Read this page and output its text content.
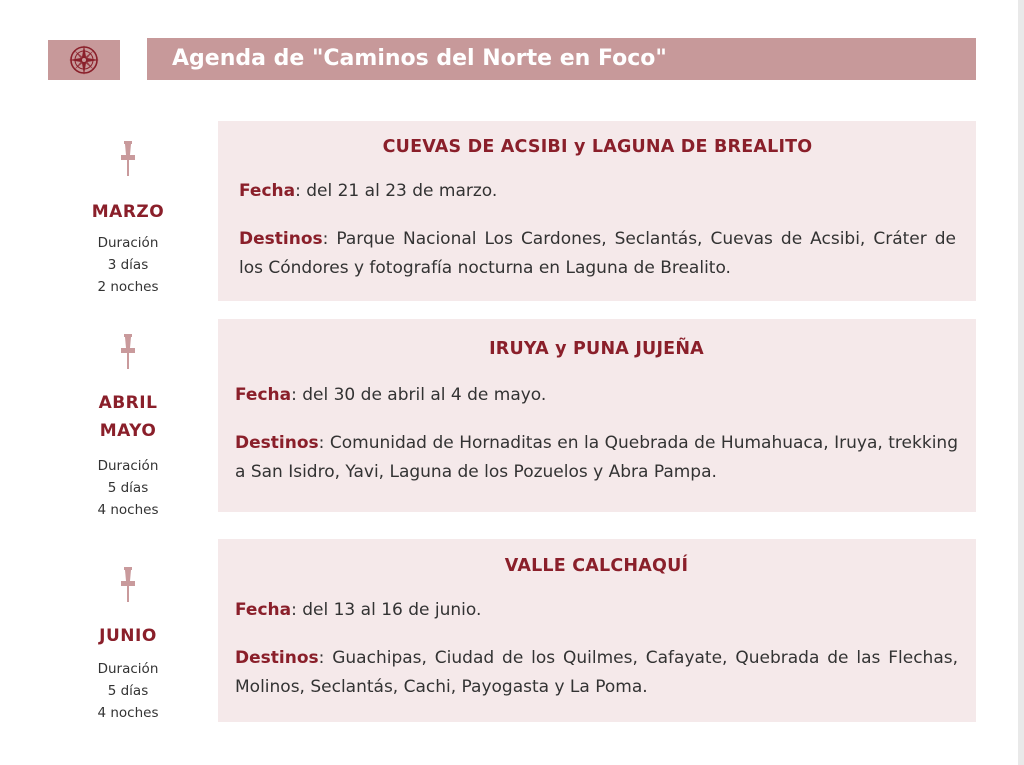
Agenda de "Caminos del Norte en Foco"
MARZO
Duración
3 días
2 noches
CUEVAS DE ACSIBI y LAGUNA DE BREALITO

Fecha: del 21 al 23 de marzo.

Destinos: Parque Nacional Los Cardones, Seclantás, Cuevas de Acsibi, Cráter de los Cóndores y fotografía nocturna en Laguna de Brealito.

ABRIL
MAYO
Duración
5 días
4 noches
IRUYA y PUNA JUJEÑA

Fecha: del 30 de abril al 4 de mayo.

Destinos: Comunidad de Hornaditas en la Quebrada de Humahuaca, Iruya, trekking a San Isidro, Yavi, Laguna de los Pozuelos y Abra Pampa.

JUNIO
Duración
5 días
4 noches
VALLE CALCHAQUÍ

Fecha: del 13 al 16 de junio.

Destinos: Guachipas, Ciudad de los Quilmes, Cafayate, Quebrada de las Flechas, Molinos, Seclantás, Cachi, Payogasta y La Poma.
